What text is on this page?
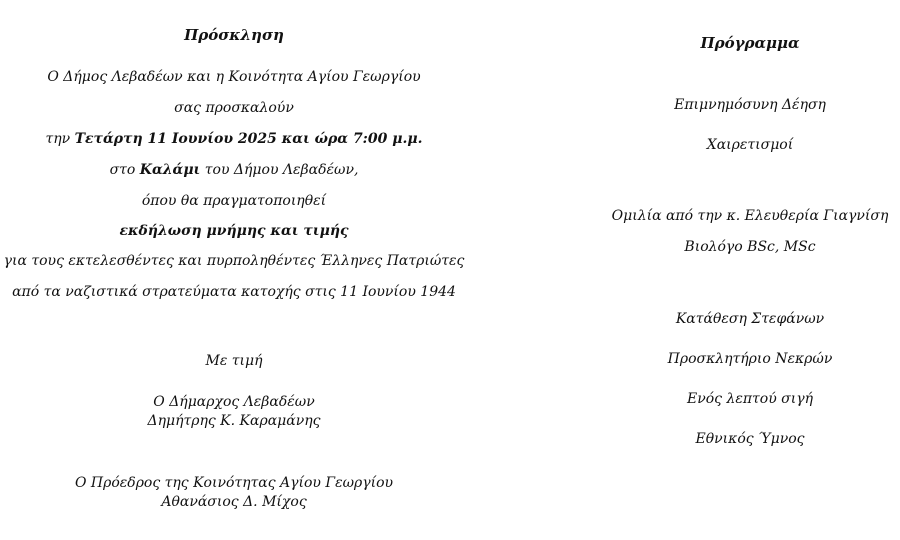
Πρόσκληση
Ο Δήμος Λεβαδέων και η Κοινότητα Αγίου Γεωργίου
σας προσκαλούν
την Τετάρτη 11 Ιουνίου 2025 και ώρα 7:00 μ.μ.
στο Καλάμι του Δήμου Λεβαδέων,
όπου θα πραγματοποιηθεί
εκδήλωση μνήμης και τιμής
για τους εκτελεσθέντες και πυρποληθέντες Έλληνες Πατριώτες
από τα ναζιστικά στρατεύματα κατοχής στις 11 Ιουνίου 1944
Με τιμή
Ο Δήμαρχος Λεβαδέων
Δημήτρης Κ. Καραμάνης
Ο Πρόεδρος της Κοινότητας Αγίου Γεωργίου
Αθανάσιος Δ. Μίχος
Πρόγραμμα
Επιμνημόσυνη Δέηση
Χαιρετισμοί
Ομιλία από την κ. Ελευθερία Γιαγνίση
Βιολόγο BSc, MSc
Κατάθεση Στεφάνων
Προσκλητήριο Νεκρών
Ενός λεπτού σιγή
Εθνικός Ύμνος
